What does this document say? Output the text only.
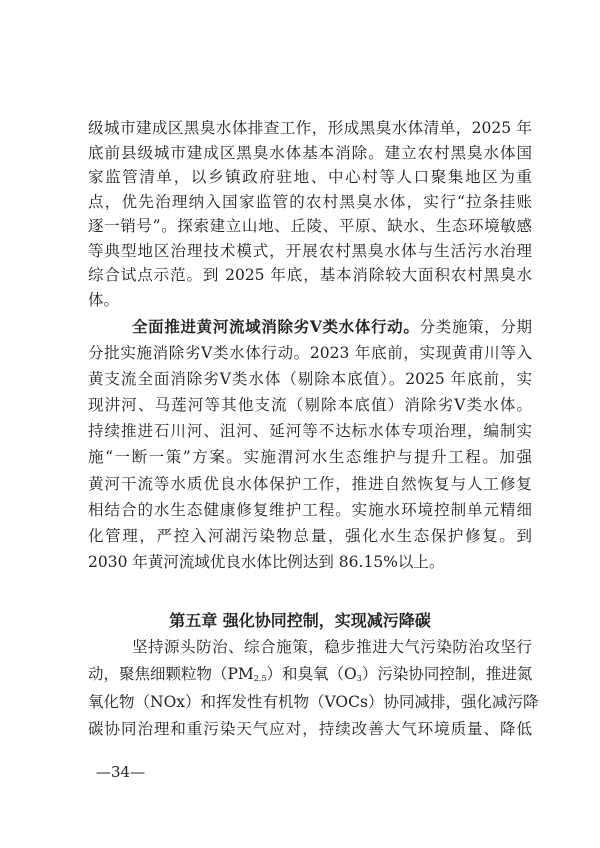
级城市建成区黑臭水体排查工作，形成黑臭水体清单，2025 年
底前县级城市建成区黑臭水体基本消除。建立农村黑臭水体国
家监管清单，以乡镇政府驻地、中心村等人口聚集地区为重
点，优先治理纳入国家监管的农村黑臭水体，实行“拉条挂账
逐一销号”。探索建立山地、丘陵、平原、缺水、生态环境敏感
等典型地区治理技术模式，开展农村黑臭水体与生活污水治理
综合试点示范。到 2025 年底，基本消除较大面积农村黑臭水
体。
全面推进黄河流域消除劣Ⅴ类水体行动。分类施策，分期
分批实施消除劣Ⅴ类水体行动。2023 年底前，实现黄甫川等入
黄支流全面消除劣Ⅴ类水体（剔除本底值）。2025 年底前，实
现汫河、马莲河等其他支流（剔除本底值）消除劣Ⅴ类水体。
持续推进石川河、沮河、延河等不达标水体专项治理，编制实
施“一断一策”方案。实施渭河水生态维护与提升工程。加强
黄河干流等水质优良水体保护工作，推进自然恢复与人工修复
相结合的水生态健康修复维护工程。实施水环境控制单元精细
化管理，严控入河湖污染物总量，强化水生态保护修复。到
2030 年黄河流域优良水体比例达到 86.15%以上。
第五章 强化协同控制，实现减污降碳
坚持源头防治、综合施策，稳步推进大气污染防治攻坚行
动，聚焦细颗粒物$(PM_{2.5})$和臭氧$(O_3)$污染协同控制，推进氮
氧化物（NOx）和挥发性有机物（VOCs）协同减排，强化减污降
碳协同治理和重污染天气应对，持续改善大气环境质量、降低
—34—
